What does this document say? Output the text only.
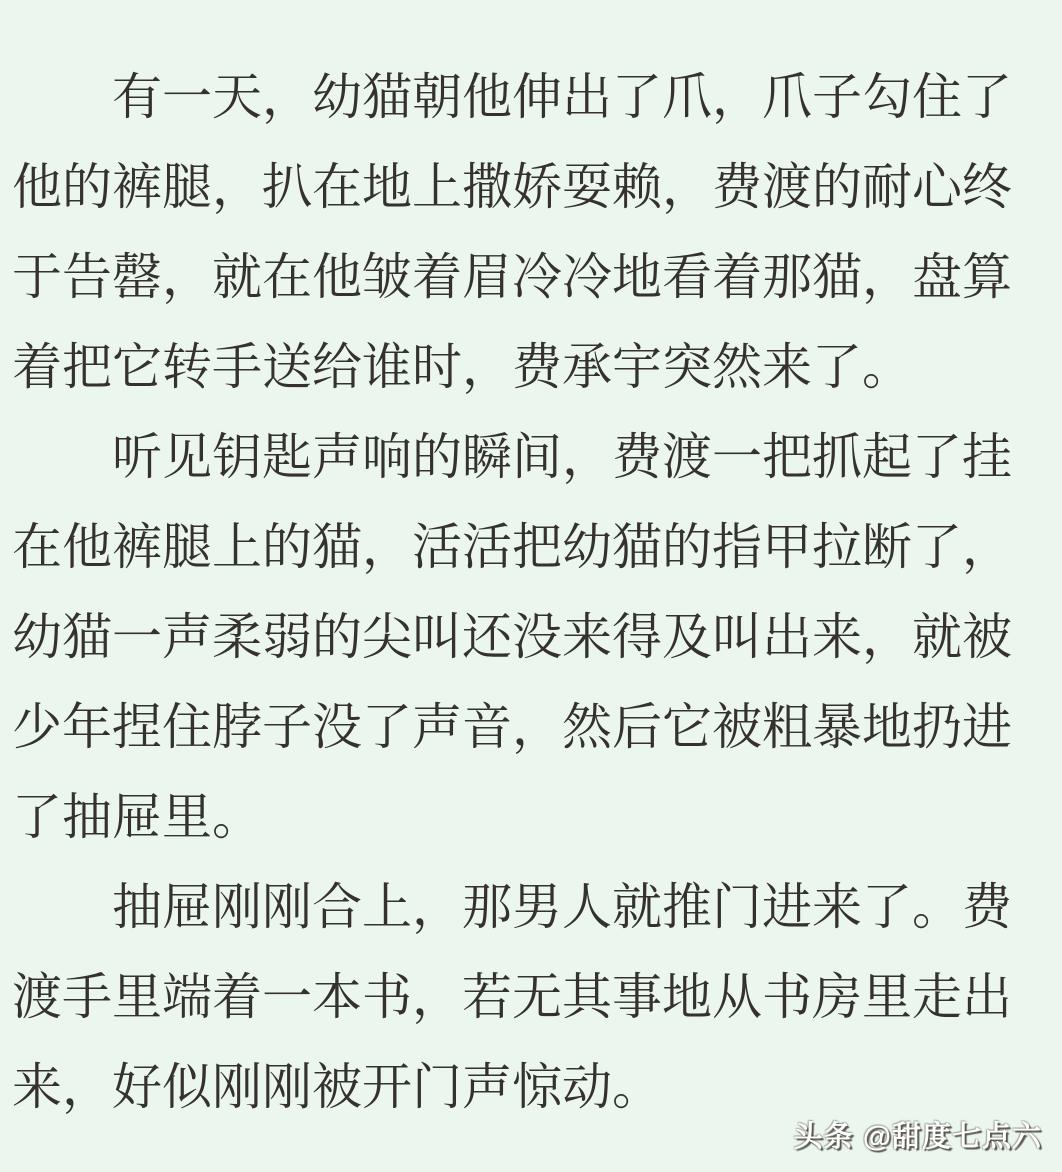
有一天，幼猫朝他伸出了爪，爪子勾住了
他的裤腿，扒在地上撒娇耍赖，费渡的耐心终
于告罄，就在他皱着眉冷冷地看着那猫，盘算
着把它转手送给谁时，费承宇突然来了。
听见钥匙声响的瞬间，费渡一把抓起了挂
在他裤腿上的猫，活活把幼猫的指甲拉断了，
幼猫一声柔弱的尖叫还没来得及叫出来，就被
少年捏住脖子没了声音，然后它被粗暴地扔进
了抽屉里。
抽屉刚刚合上，那男人就推门进来了。费
渡手里端着一本书，若无其事地从书房里走出
来，好似刚刚被开门声惊动。
头条 @甜度七点六
